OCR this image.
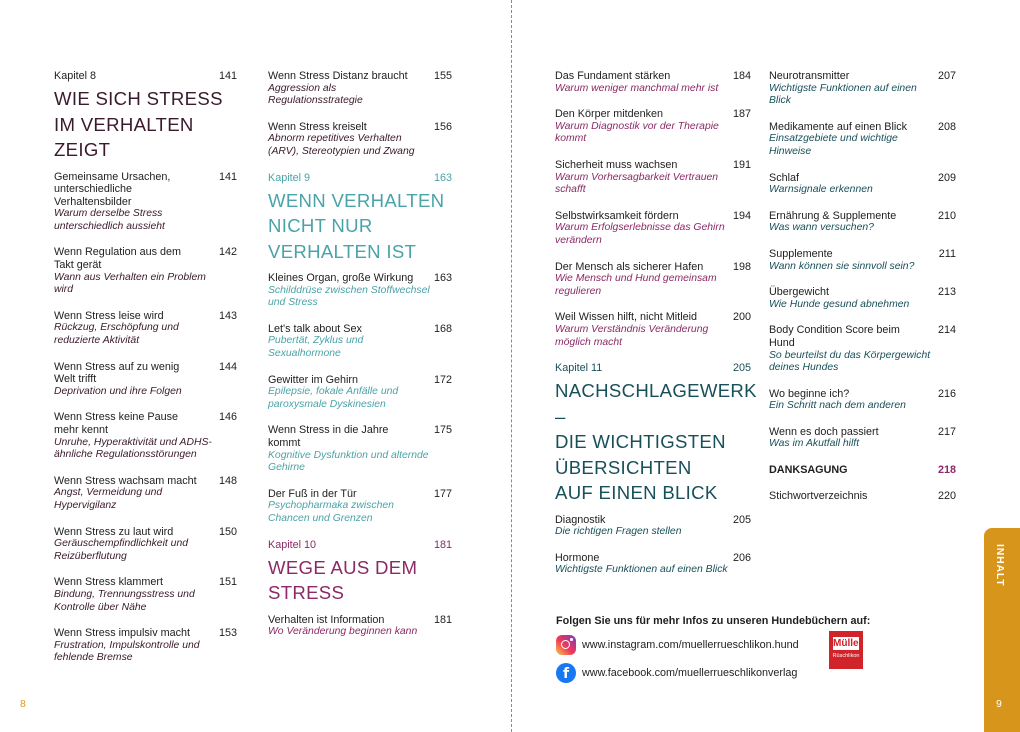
Kapitel 8	141
WIE SICH STRESS
IM VERHALTEN
ZEIGT
Gemeinsame Ursachen, unterschiedliche Verhaltensbilder
Warum derselbe Stress unterschiedlich aussieht
141
Wenn Regulation aus dem Takt gerät
Wann aus Verhalten ein Problem wird
142
Wenn Stress leise wird
Rückzug, Erschöpfung und reduzierte Aktivität
143
Wenn Stress auf zu wenig Welt trifft
Deprivation und ihre Folgen
144
Wenn Stress keine Pause mehr kennt
Unruhe, Hyperaktivität und ADHS-ähnliche Regulationsstörungen
146
Wenn Stress wachsam macht
Angst, Vermeidung und Hypervigilanz
148
Wenn Stress zu laut wird
Geräuschempfindlichkeit und Reizüberflutung
150
Wenn Stress klammert
Bindung, Trennungsstress und Kontrolle über Nähe
151
Wenn Stress impulsiv macht
Frustration, Impulskontrolle und fehlende Bremse
153
Wenn Stress Distanz braucht
Aggression als Regulationsstrategie
155
Wenn Stress kreiselt
Abnorm repetitives Verhalten (ARV), Stereotypien und Zwang
156
Kapitel 9	163
WENN VERHALTEN
NICHT NUR
VERHALTEN IST
Kleines Organ, große Wirkung
Schilddrüse zwischen Stoffwechsel und Stress
163
Let's talk about Sex
Pubertät, Zyklus und Sexualhormone
168
Gewitter im Gehirn
Epilepsie, fokale Anfälle und paroxysmale Dyskinesien
172
Wenn Stress in die Jahre kommt
Kognitive Dysfunktion und alternde Gehirne
175
Der Fuß in der Tür
Psychopharmaka zwischen Chancen und Grenzen
177
Kapitel 10	181
WEGE AUS DEM
STRESS
Verhalten ist Information
Wo Veränderung beginnen kann
181
8
Das Fundament stärken
Warum weniger manchmal mehr ist
184
Den Körper mitdenken
Warum Diagnostik vor der Therapie kommt
187
Sicherheit muss wachsen
Warum Vorhersagbarkeit Vertrauen schafft
191
Selbstwirksamkeit fördern
Warum Erfolgserlebnisse das Gehirn verändern
194
Der Mensch als sicherer Hafen
Wie Mensch und Hund gemeinsam regulieren
198
Weil Wissen hilft, nicht Mitleid
Warum Verständnis Veränderung möglich macht
200
Kapitel 11	205
NACHSCHLAGEWERK –
DIE WICHTIGSTEN
ÜBERSICHTEN
AUF EINEN BLICK
Diagnostik
Die richtigen Fragen stellen
205
Hormone
Wichtigste Funktionen auf einen Blick
206
Neurotransmitter
Wichtigste Funktionen auf einen Blick
207
Medikamente auf einen Blick
Einsatzgebiete und wichtige Hinweise
208
Schlaf
Warnsignale erkennen
209
Ernährung & Supplemente
Was wann versuchen?
210
Supplemente
Wann können sie sinnvoll sein?
211
Übergewicht
Wie Hunde gesund abnehmen
213
Body Condition Score beim Hund
So beurteilst du das Körpergewicht deines Hundes
214
Wo beginne ich?
Ein Schritt nach dem anderen
216
Wenn es doch passiert
Was im Akutfall hilft
217
DANKSAGUNG	218
Stichwortverzeichnis	220
Folgen Sie uns für mehr Infos zu unseren Hundebüchern auf:
www.instagram.com/muellerrueschlikon.hund
f	www.facebook.com/muellerrueschlikonverlag
Müller
Rüschlikon
INHALT
9
